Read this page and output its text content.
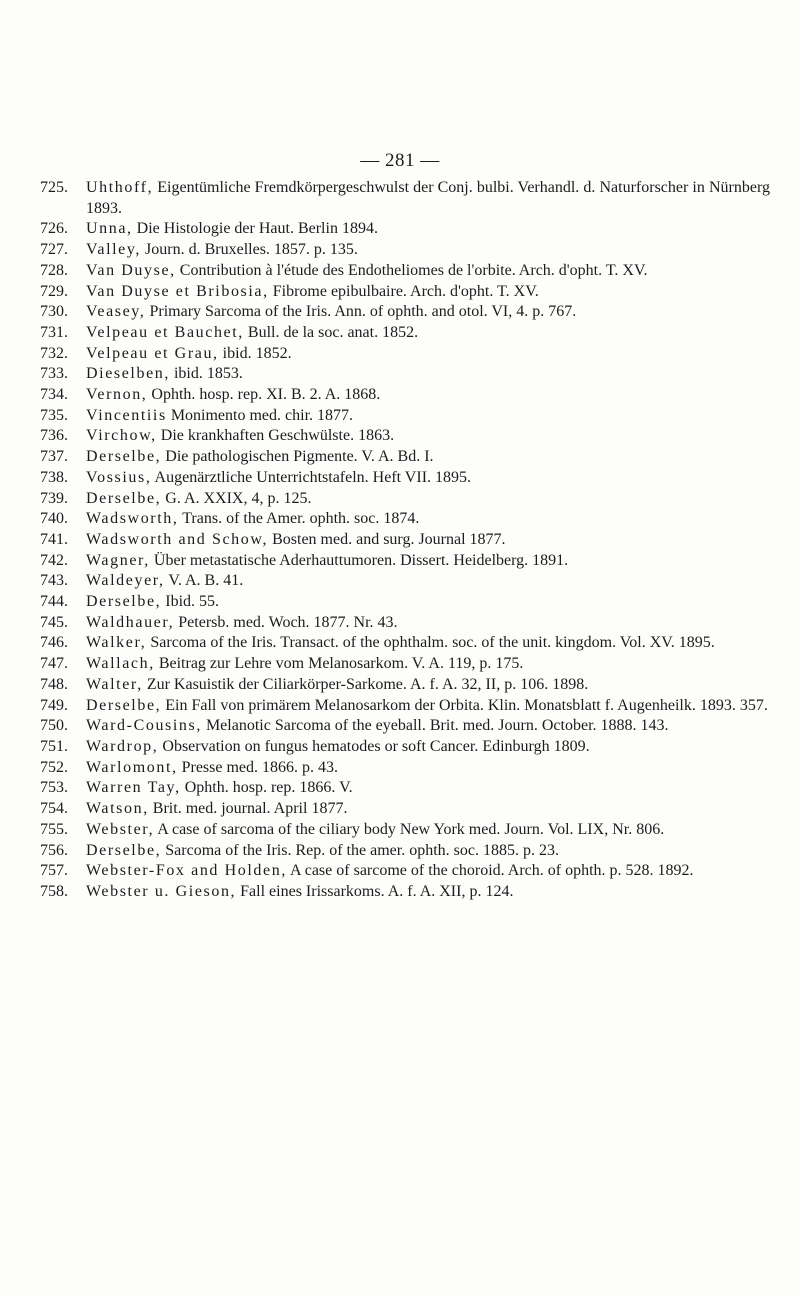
— 281 —
725.	Uhthoff, Eigentümliche Fremdkörpergeschwulst der Conj. bulbi. Verhandl. d. Naturforscher in Nürnberg 1893.
726.	Unna, Die Histologie der Haut. Berlin 1894.
727.	Valley, Journ. d. Bruxelles. 1857. p. 135.
728.	Van Duyse, Contribution à l'étude des Endotheliomes de l'orbite. Arch. d'opht. T. XV.
729.	Van Duyse et Bribosia, Fibrome epibulbaire. Arch. d'opht. T. XV.
730.	Veasey, Primary Sarcoma of the Iris. Ann. of ophth. and otol. VI, 4. p. 767.
731.	Velpeau et Bauchet, Bull. de la soc. anat. 1852.
732.	Velpeau et Grau, ibid. 1852.
733.	Dieselben, ibid. 1853.
734.	Vernon, Ophth. hosp. rep. XI. B. 2. A. 1868.
735.	Vincentiis Monimento med. chir. 1877.
736.	Virchow, Die krankhaften Geschwülste. 1863.
737.	Derselbe, Die pathologischen Pigmente. V. A. Bd. I.
738.	Vossius, Augenärztliche Unterrichtstafeln. Heft VII. 1895.
739.	Derselbe, G. A. XXIX, 4, p. 125.
740.	Wadsworth, Trans. of the Amer. ophth. soc. 1874.
741.	Wadsworth and Schow, Bosten med. and surg. Journal 1877.
742.	Wagner, Über metastatische Aderhauttumoren. Dissert. Heidelberg. 1891.
743.	Waldeyer, V. A. B. 41.
744.	Derselbe, Ibid. 55.
745.	Waldhauer, Petersb. med. Woch. 1877. Nr. 43.
746.	Walker, Sarcoma of the Iris. Transact. of the ophthalm. soc. of the unit. kingdom. Vol. XV. 1895.
747.	Wallach, Beitrag zur Lehre vom Melanosarkom. V. A. 119, p. 175.
748.	Walter, Zur Kasuistik der Ciliarkörper-Sarkome. A. f. A. 32, II, p. 106. 1898.
749.	Derselbe, Ein Fall von primärem Melanosarkom der Orbita. Klin. Monatsblatt f. Augenheilk. 1893. 357.
750.	Ward-Cousins, Melanotic Sarcoma of the eyeball. Brit. med. Journ. October. 1888. 143.
751.	Wardrop, Observation on fungus hematodes or soft Cancer. Edinburgh 1809.
752.	Warlomont, Presse med. 1866. p. 43.
753.	Warren Tay, Ophth. hosp. rep. 1866. V.
754.	Watson, Brit. med. journal. April 1877.
755.	Webster, A case of sarcoma of the ciliary body New York med. Journ. Vol. LIX, Nr. 806.
756.	Derselbe, Sarcoma of the Iris. Rep. of the amer. ophth. soc. 1885. p. 23.
757.	Webster-Fox and Holden, A case of sarcome of the choroid. Arch. of ophth. p. 528. 1892.
758.	Webster u. Gieson, Fall eines Irissarkoms. A. f. A. XII, p. 124.
